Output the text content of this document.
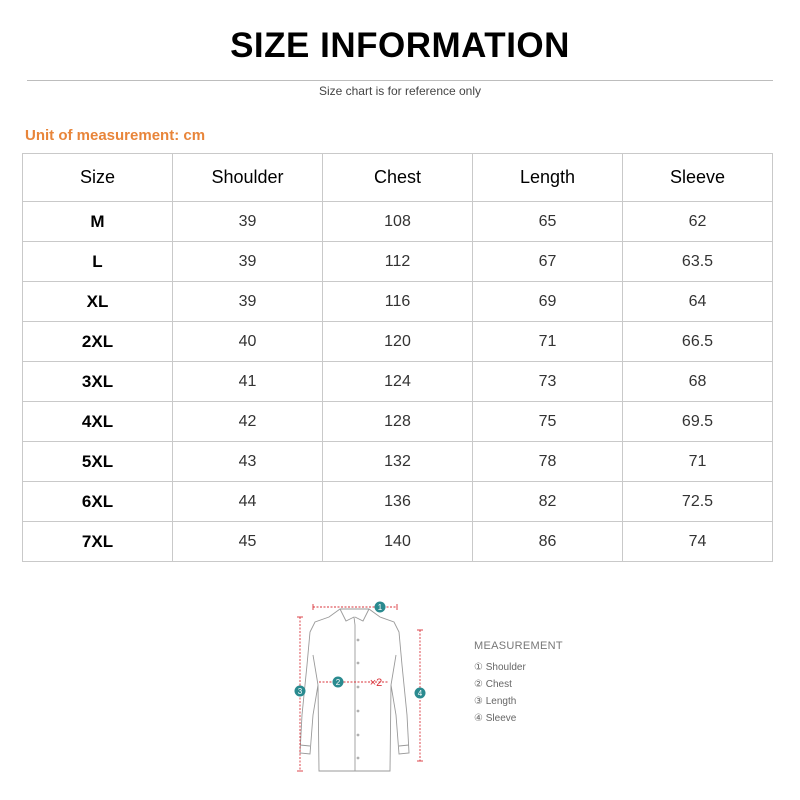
SIZE INFORMATION
Size chart is for reference only
Unit of measurement: cm
Size	Shoulder	Chest	Length	Sleeve
M	39	108	65	62
L	39	112	67	63.5
XL	39	116	69	64
2XL	40	120	71	66.5
3XL	41	124	73	68
4XL	42	128	75	69.5
5XL	43	132	78	71
6XL	44	136	82	72.5
7XL	45	140	86	74
1
2
3	4
×2
MEASUREMENT
① Shoulder
② Chest
③ Length
④ Sleeve
